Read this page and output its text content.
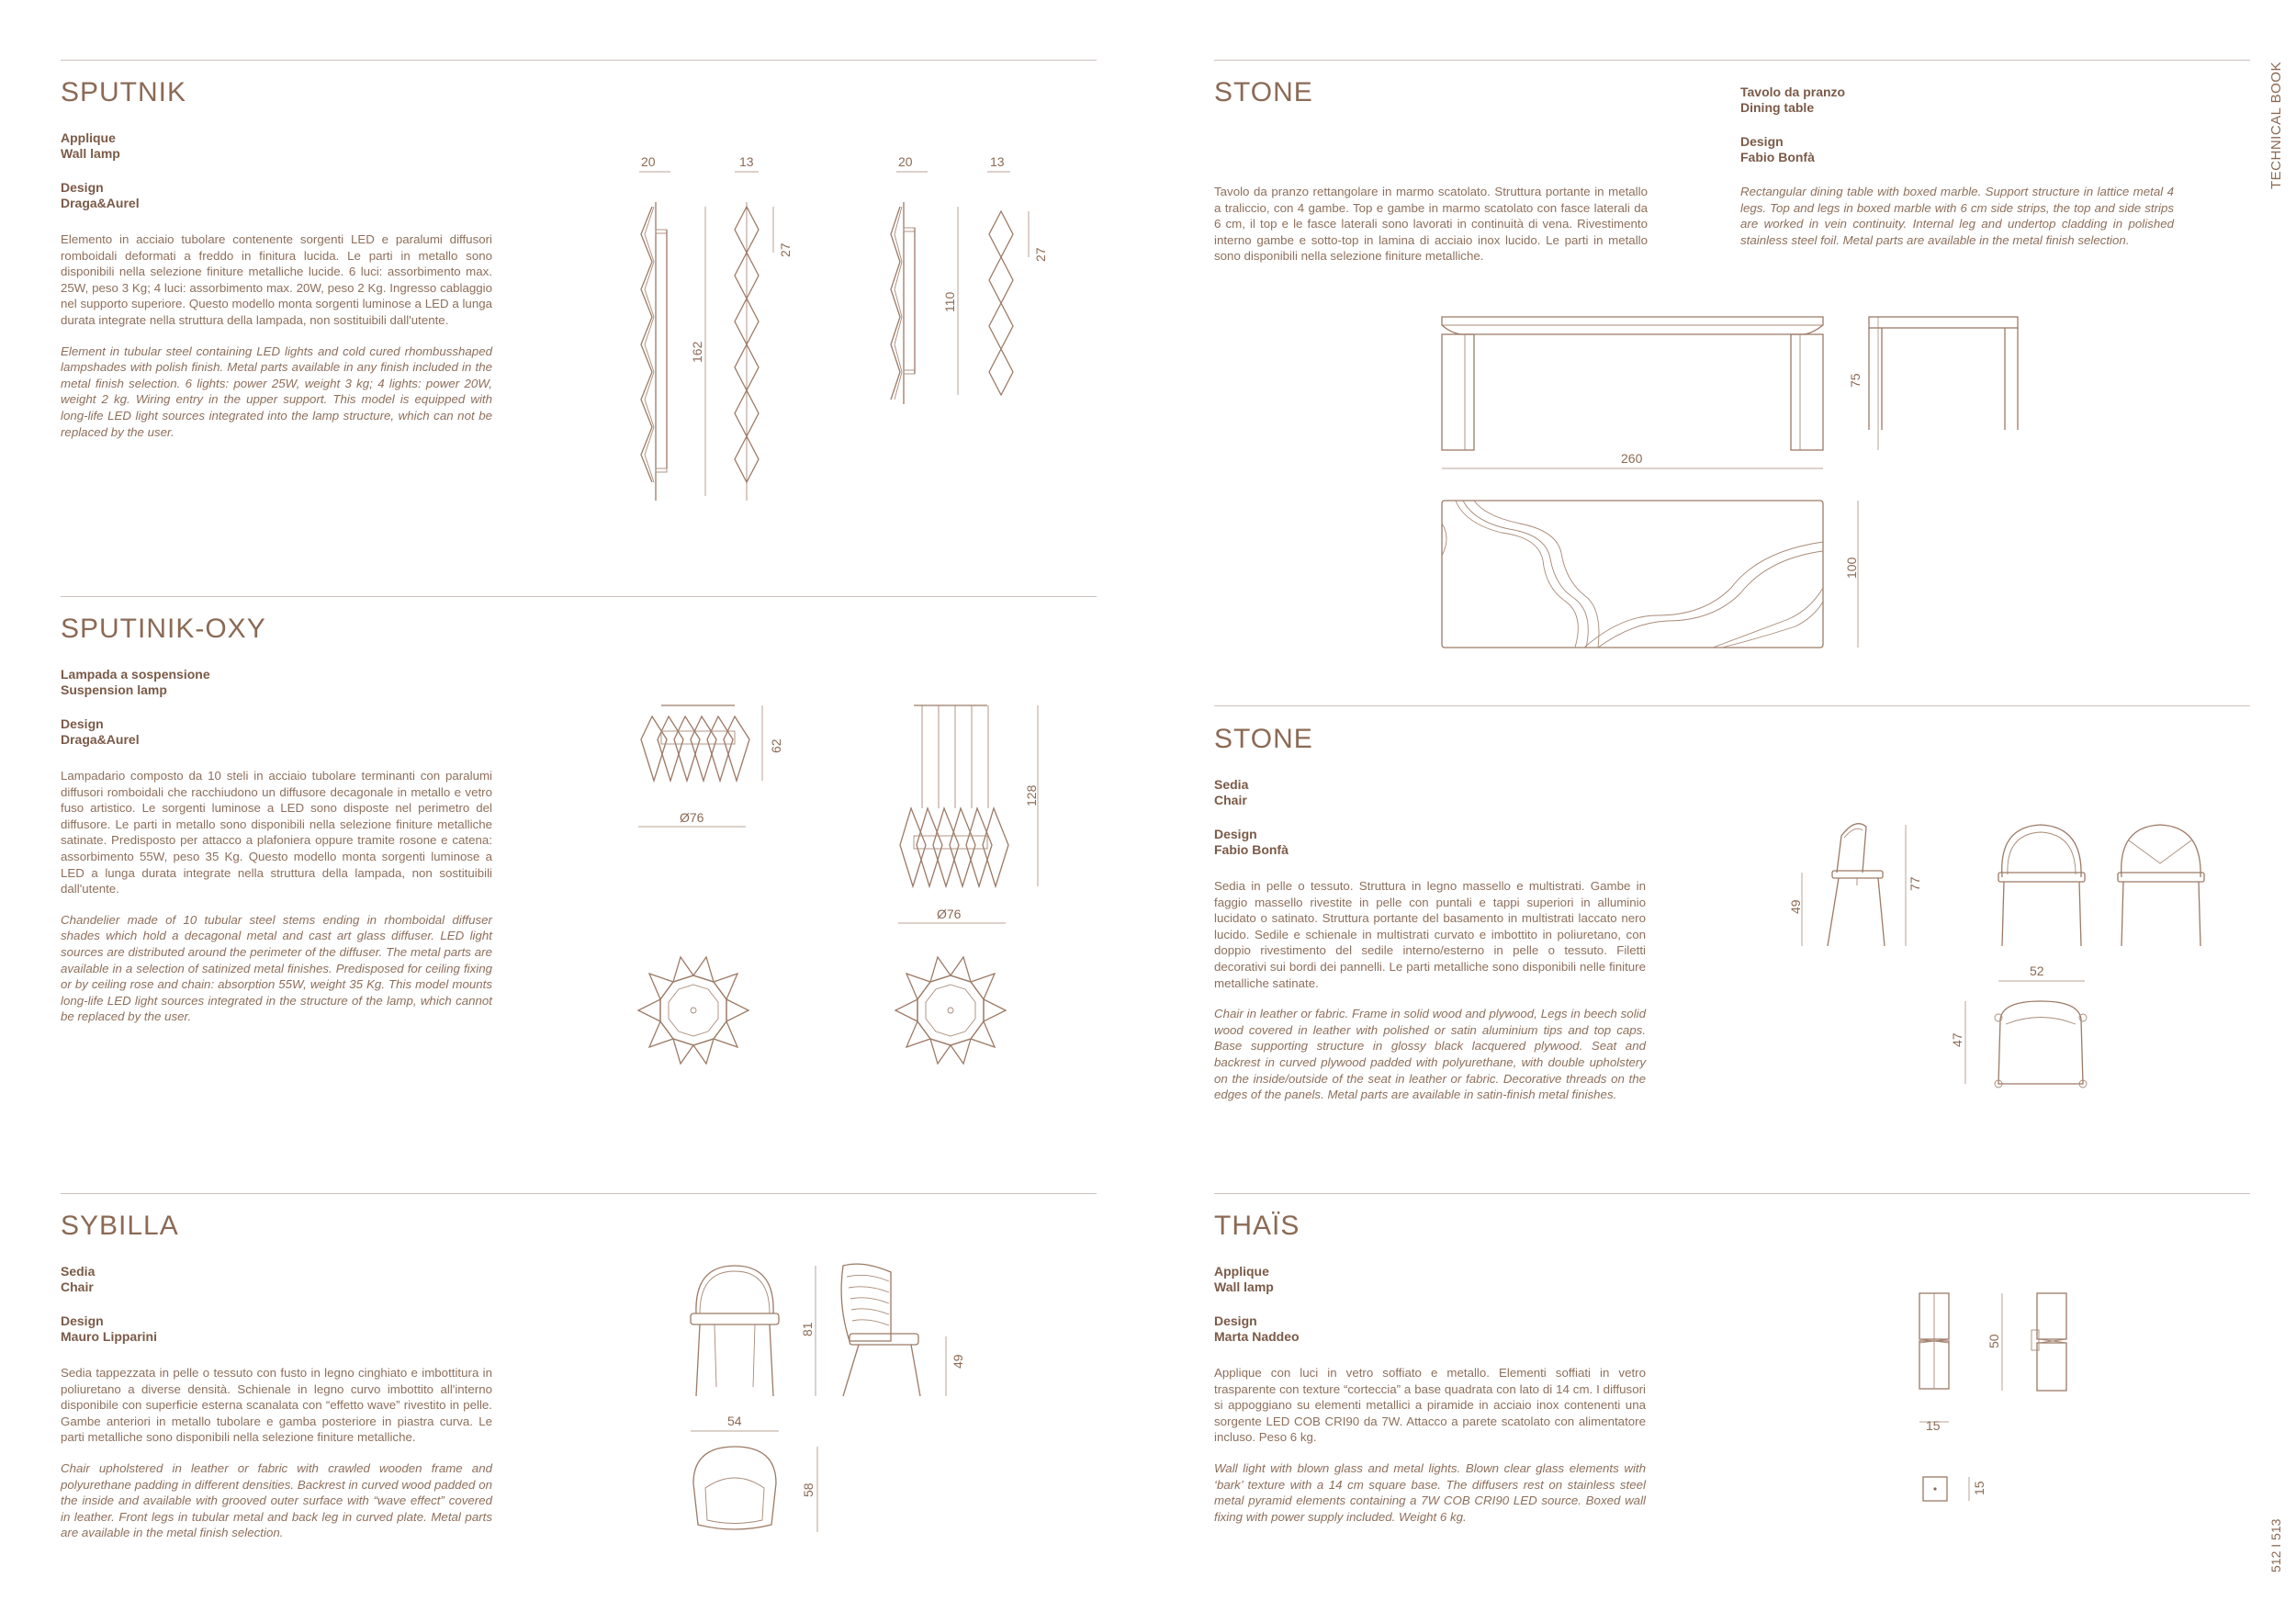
TECHNICAL BOOK
512 I 513
SPUTNIK
Applique
Wall lamp
Design
Draga&Aurel
Elemento in acciaio tubolare contenente sorgenti LED e paralumi diffusori romboidali deformati a freddo in finitura lucida. Le parti in metallo sono disponibili nella selezione finiture metalliche lucide. 6 luci: assorbimento max. 25W, peso 3 Kg; 4 luci: assorbimento max. 20W, peso 2 Kg. Ingresso cablaggio nel supporto superiore. Questo modello monta sorgenti luminose a LED a lunga durata integrate nella struttura della lampada, non sostituibili dall'utente.
Element in tubular steel containing LED lights and cold cured rhombusshaped lampshades with polish finish. Metal parts available in any finish included in the metal finish selection. 6 lights: power 25W, weight 3 kg; 4 lights: power 20W, weight 2 kg. Wiring entry in the upper support. This model is equipped with long-life LED light sources integrated into the lamp structure, which can not be replaced by the user.
20	13
162
27
20	13
110
27
SPUTINIK-OXY
Lampada a sospensione
Suspension lamp
Design
Draga&Aurel
Lampadario composto da 10 steli in acciaio tubolare terminanti con paralumi diffusori romboidali che racchiudono un diffusore decagonale in metallo e vetro fuso artistico. Le sorgenti luminose a LED sono disposte nel perimetro del diffusore. Le parti in metallo sono disponibili nella selezione finiture metalliche satinate. Predisposto per attacco a plafoniera oppure tramite rosone e catena: assorbimento 55W, peso 35 Kg. Questo modello monta sorgenti luminose a LED a lunga durata integrate nella struttura della lampada, non sostituibili dall'utente.
Chandelier made of 10 tubular steel stems ending in rhomboidal diffuser shades which hold a decagonal metal and cast art glass diffuser. LED light sources are distributed around the perimeter of the diffuser. The metal parts are available in a selection of satinized metal finishes. Predisposed for ceiling fixing or by ceiling rose and chain: absorption 55W, weight 35 Kg. This model mounts long-life LED light sources integrated in the structure of the lamp, which cannot be replaced by the user.
62
Ø76
128
Ø76
SYBILLA
Sedia
Chair
Design
Mauro Lipparini
Sedia tappezzata in pelle o tessuto con fusto in legno cinghiato e imbottitura in poliuretano a diverse densità. Schienale in legno curvo imbottito all'interno disponibile con superficie esterna scanalata con “effetto wave” rivestito in pelle. Gambe anteriori in metallo tubolare e gamba posteriore in piastra curva. Le parti metalliche sono disponibili nella selezione finiture metalliche.
Chair upholstered in leather or fabric with crawled wooden frame and polyurethane padding in different densities. Backrest in curved wood padded on the inside and available with grooved outer surface with “wave effect” covered in leather. Front legs in tubular metal and back leg in curved plate. Metal parts are available in the metal finish selection.
81
54
49
58
STONE	Tavolo da pranzo
Dining table
Design
Fabio Bonfà
Tavolo da pranzo rettangolare in marmo scatolato. Struttura portante in metallo a traliccio, con 4 gambe. Top e gambe in marmo scatolato con fasce laterali da 6 cm, il top e le fasce laterali sono lavorati in continuità di vena. Rivestimento interno gambe e sotto-top in lamina di acciaio inox lucido. Le parti in metallo sono disponibili nella selezione finiture metalliche.
Rectangular dining table with boxed marble. Support structure in lattice metal 4 legs. Top and legs in boxed marble with 6 cm side strips, the top and side strips are worked in vein continuity. Internal leg and undertop cladding in polished stainless steel foil. Metal parts are available in the metal finish selection.
260
75
100
STONE
Sedia
Chair
Design
Fabio Bonfà
Sedia in pelle o tessuto. Struttura in legno massello e multistrati. Gambe in faggio massello rivestite in pelle con puntali e tappi superiori in alluminio lucidato o satinato. Struttura portante del basamento in multistrati laccato nero lucido. Sedile e schienale in multistrati curvato e imbottito in poliuretano, con doppio rivestimento del sedile interno/esterno in pelle o tessuto. Filetti decorativi sui bordi dei pannelli. Le parti metalliche sono disponibili nelle finiture metalliche satinate.
Chair in leather or fabric. Frame in solid wood and plywood, Legs in beech solid wood covered in leather with polished or satin aluminium tips and top caps. Base supporting structure in glossy black lacquered plywood. Seat and backrest in curved plywood padded with polyurethane, with double upholstery on the inside/outside of the seat in leather or fabric. Decorative threads on the edges of the panels. Metal parts are available in satin-finish metal finishes.
49
77
52
47
THAÏS
Applique
Wall lamp
Design
Marta Naddeo
Applique con luci in vetro soffiato e metallo. Elementi soffiati in vetro trasparente con texture “corteccia” a base quadrata con lato di 14 cm. I diffusori si appoggiano su elementi metallici a piramide in acciaio inox contenenti una sorgente LED COB CRI90 da 7W. Attacco a parete scatolato con alimentatore incluso. Peso 6 kg.
Wall light with blown glass and metal lights. Blown clear glass elements with ‘bark’ texture with a 14 cm square base. The diffusers rest on stainless steel metal pyramid elements containing a 7W COB CRI90 LED source. Boxed wall fixing with power supply included. Weight 6 kg.
15
50
15
